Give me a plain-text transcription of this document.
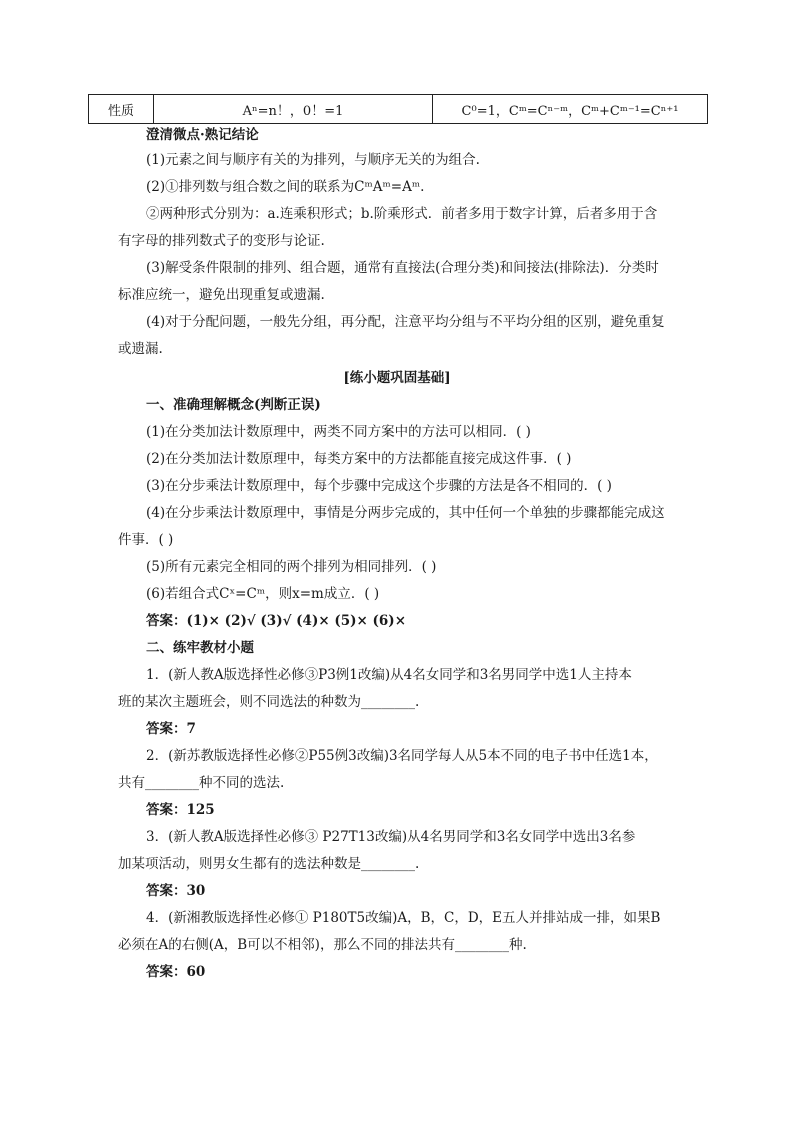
性质	Aⁿ=n！，0！=1	C⁰=1，Cᵐ=Cⁿ⁻ᵐ，Cᵐ+Cᵐ⁻¹=Cⁿ⁺¹
澄清微点·熟记结论
(1)元素之间与顺序有关的为排列，与顺序无关的为组合.
(2)①排列数与组合数之间的联系为CᵐAᵐ=Aᵐ.
②两种形式分别为：a.连乘积形式；b.阶乘形式．前者多用于数字计算，后者多用于含
有字母的排列数式子的变形与论证.
(3)解受条件限制的排列、组合题，通常有直接法(合理分类)和间接法(排除法)．分类时
标准应统一，避免出现重复或遗漏.
(4)对于分配问题，一般先分组，再分配，注意平均分组与不平均分组的区别，避免重复
或遗漏.
[练小题巩固基础]
一、准确理解概念(判断正误)
(1)在分类加法计数原理中，两类不同方案中的方法可以相同．( )
(2)在分类加法计数原理中，每类方案中的方法都能直接完成这件事．( )
(3)在分步乘法计数原理中，每个步骤中完成这个步骤的方法是各不相同的．( )
(4)在分步乘法计数原理中，事情是分两步完成的，其中任何一个单独的步骤都能完成这
件事．( )
(5)所有元素完全相同的两个排列为相同排列．( )
(6)若组合式Cˣ=Cᵐ，则x=m成立．( )
答案：(1)× (2)√ (3)√ (4)× (5)× (6)×
二、练牢教材小题
1．(新人教A版选择性必修③P3例1改编)从4名女同学和3名男同学中选1人主持本
班的某次主题班会，则不同选法的种数为________.
答案：7
2．(新苏教版选择性必修②P55例3改编)3名同学每人从5本不同的电子书中任选1本，
共有________种不同的选法.
答案：125
3．(新人教A版选择性必修③ P27T13改编)从4名男同学和3名女同学中选出3名参
加某项活动，则男女生都有的选法种数是________.
答案：30
4．(新湘教版选择性必修① P180T5改编)A，B，C，D，E五人并排站成一排，如果B
必须在A的右侧(A，B可以不相邻)，那么不同的排法共有________种.
答案：60
